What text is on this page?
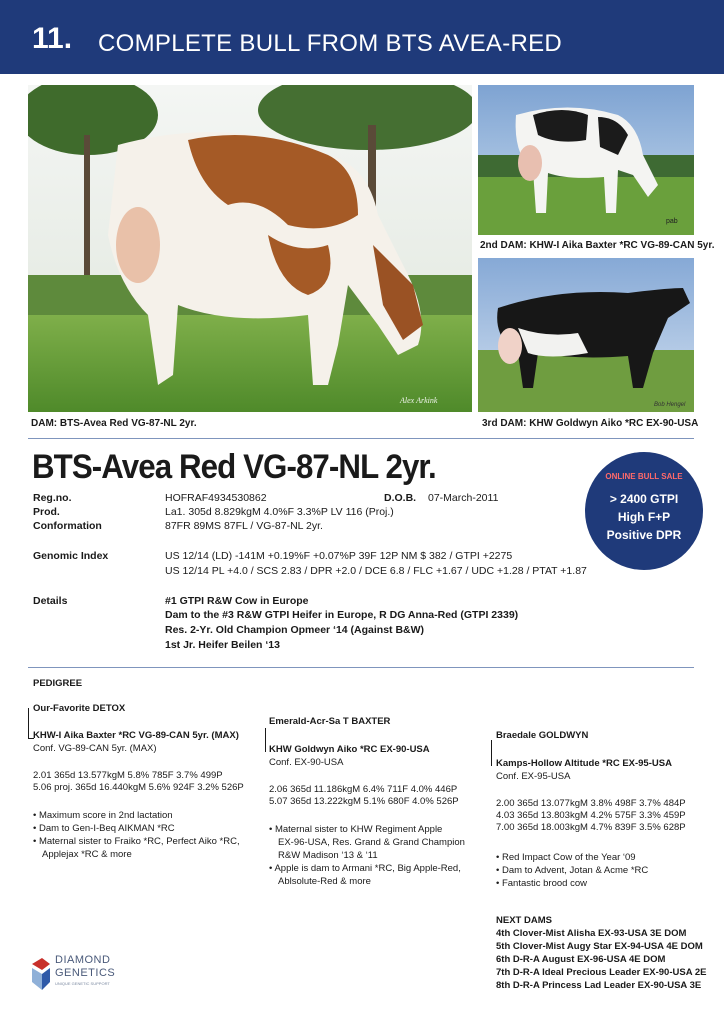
11. COMPLETE BULL FROM BTS AVEA-RED
Alex Arkink
pab
Bob Hengel
2nd DAM: KHW-I Aika Baxter *RC VG-89-CAN 5yr.
DAM: BTS-Avea Red VG-87-NL 2yr.	3rd DAM: KHW Goldwyn Aiko *RC EX-90-USA
BTS-Avea Red VG-87-NL 2yr.	ONLINE BULL SALE
> 2400 GTPI
High F+P
Positive DPR
Reg.no.	HOFRAF4934530862	D.O.B. 07-March-2011
Prod.	La1. 305d 8.829kgM 4.0%F 3.3%P LV 116 (Proj.)
Conformation	87FR 89MS 87FL / VG-87-NL 2yr.
Genomic Index	US 12/14 (LD) -141M +0.19%F +0.07%P 39F 12P NM $ 382 / GTPI +2275
US 12/14 PL +4.0 / SCS 2.83 / DPR +2.0 / DCE 6.8 / FLC +1.67 / UDC +1.28 / PTAT +1.87
Details	#1 GTPI R&W Cow in Europe
Dam to the #3 R&W GTPI Heifer in Europe, R DG Anna-Red (GTPI 2339)
Res. 2-Yr. Old Champion Opmeer ‘14 (Against B&W)
1st Jr. Heifer Beilen ‘13
PEDIGREE
Our-Favorite DETOX
KHW-I Aika Baxter *RC VG-89-CAN 5yr. (MAX)
Conf. VG-89-CAN 5yr. (MAX)
2.01 365d 13.577kgM 5.8% 785F 3.7% 499P
5.06 proj. 365d 16.440kgM 5.6% 924F 3.2% 526P
• Maximum score in 2nd lactation
• Dam to Gen-I-Beq AIKMAN *RC
• Maternal sister to Fraiko *RC, Perfect Aiko *RC,
Applejax *RC & more
Emerald-Acr-Sa T BAXTER
KHW Goldwyn Aiko *RC EX-90-USA
Conf. EX-90-USA
2.06 365d 11.186kgM 6.4% 711F 4.0% 446P
5.07 365d 13.222kgM 5.1% 680F 4.0% 526P
• Maternal sister to KHW Regiment Apple
EX-96-USA, Res. Grand & Grand Champion
R&W Madison ‘13 & ‘11
• Apple is dam to Armani *RC, Big Apple-Red,
Ablsolute-Red & more
Braedale GOLDWYN
Kamps-Hollow Altitude *RC EX-95-USA
Conf. EX-95-USA
2.00 365d 13.077kgM 3.8% 498F 3.7% 484P
4.03 365d 13.803kgM 4.2% 575F 3.3% 459P
7.00 365d 18.003kgM 4.7% 839F 3.5% 628P
• Red Impact Cow of the Year ‘09
• Dam to Advent, Jotan & Acme *RC
• Fantastic brood cow
NEXT DAMS
4th Clover-Mist Alisha EX-93-USA 3E DOM
5th Clover-Mist Augy Star EX-94-USA 4E DOM
6th D-R-A August EX-96-USA 4E DOM
7th D-R-A Ideal Precious Leader EX-90-USA 2E
8th D-R-A Princess Lad Leader EX-90-USA 3E
DIAMOND
GENETICS
UNIQUE GENETIC SUPPORT
